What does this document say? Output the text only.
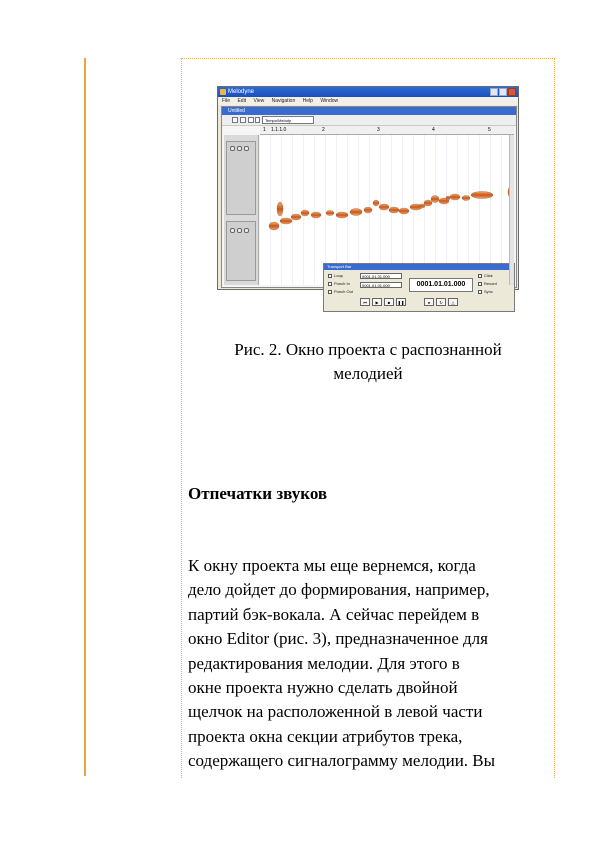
Melodyne
File Edit View Navigation Help Window
Untitled
Tempo/Melody
1 1.1.1.0	2	3	4	5
Transport Bar
Loop
Punch In
Punch Out
0001.01.01.000
0001.01.01.000	0001.01.01.000
Click
Record
Sync
⏮	▶	■	❚❚	●	↻	△
Рис. 2. Окно проекта с распознанной
мелодией
Отпечатки звуков
К окну проекта мы еще вернемся, когда
дело дойдет до формирования, например,
партий бэк-вокала. А сейчас перейдем в
окно Editor (рис. 3), предназначенное для
редактирования мелодии. Для этого в
окне проекта нужно сделать двойной
щелчок на расположенной в левой части
проекта окна секции атрибутов трека,
содержащего сигналограмму мелодии. Вы
